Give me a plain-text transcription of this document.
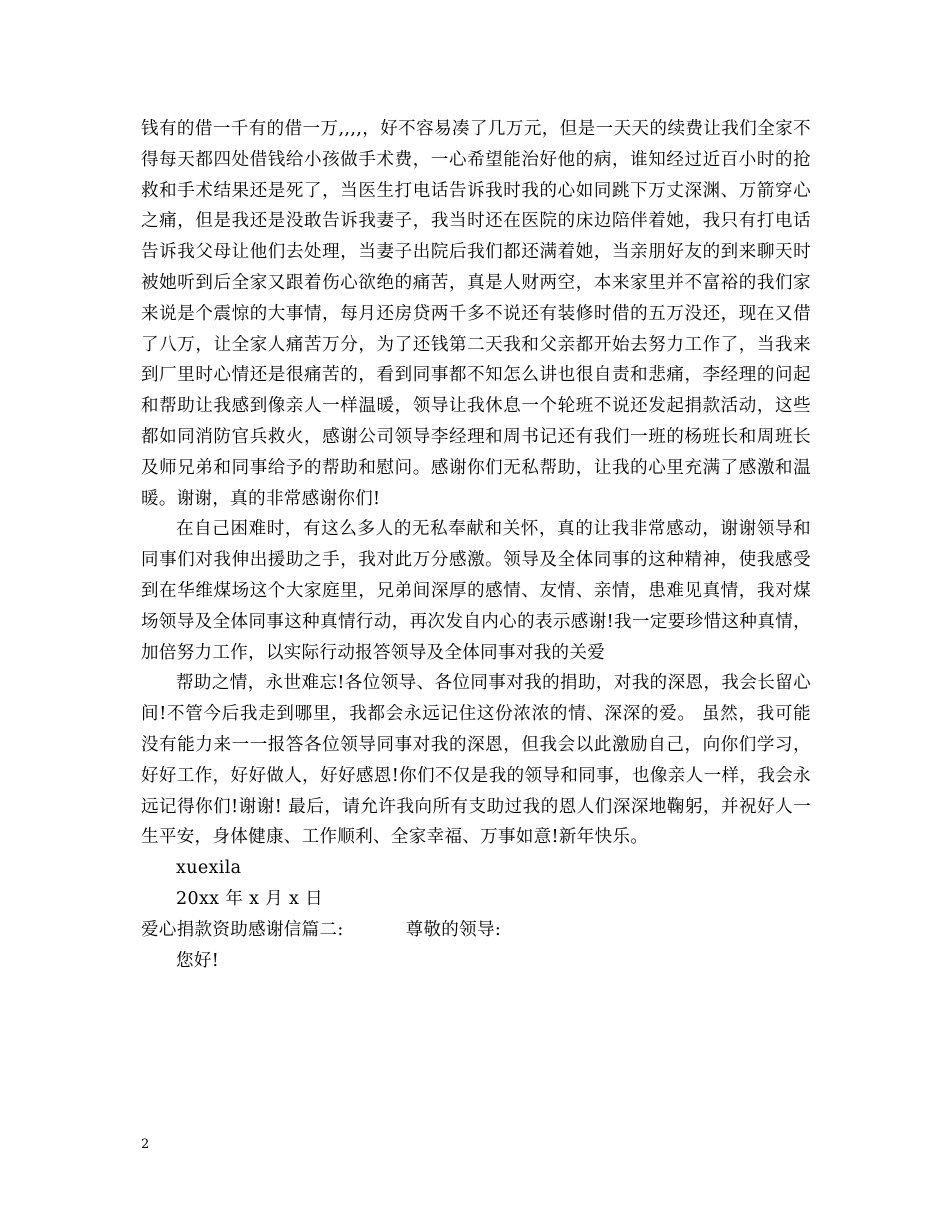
钱有的借一千有的借一万,,,,，好不容易凑了几万元，但是一天天的续费让我们全家不得每天都四处借钱给小孩做手术费，一心希望能治好他的病，谁知经过近百小时的抢救和手术结果还是死了，当医生打电话告诉我时我的心如同跳下万丈深渊、万箭穿心之痛，但是我还是没敢告诉我妻子，我当时还在医院的床边陪伴着她，我只有打电话告诉我父母让他们去处理，当妻子出院后我们都还满着她，当亲朋好友的到来聊天时被她听到后全家又跟着伤心欲绝的痛苦，真是人财两空，本来家里并不富裕的我们家来说是个震惊的大事情，每月还房贷两千多不说还有装修时借的五万没还，现在又借了八万，让全家人痛苦万分，为了还钱第二天我和父亲都开始去努力工作了，当我来到厂里时心情还是很痛苦的，看到同事都不知怎么讲也很自责和悲痛，李经理的问起和帮助让我感到像亲人一样温暖，领导让我休息一个轮班不说还发起捐款活动，这些都如同消防官兵救火，感谢公司领导李经理和周书记还有我们一班的杨班长和周班长及师兄弟和同事给予的帮助和慰问。感谢你们无私帮助，让我的心里充满了感激和温暖。谢谢，真的非常感谢你们!

在自己困难时，有这么多人的无私奉献和关怀，真的让我非常感动，谢谢领导和同事们对我伸出援助之手，我对此万分感激。领导及全体同事的这种精神，使我感受到在华维煤场这个大家庭里，兄弟间深厚的感情、友情、亲情，患难见真情，我对煤场领导及全体同事这种真情行动，再次发自内心的表示感谢!我一定要珍惜这种真情，加倍努力工作，以实际行动报答领导及全体同事对我的关爱

帮助之情，永世难忘!各位领导、各位同事对我的捐助，对我的深恩，我会长留心间!不管今后我走到哪里，我都会永远记住这份浓浓的情、深深的爱。 虽然，我可能没有能力来一一报答各位领导同事对我的深恩，但我会以此激励自己，向你们学习，好好工作，好好做人，好好感恩!你们不仅是我的领导和同事，也像亲人一样，我会永远记得你们!谢谢! 最后，请允许我向所有支助过我的恩人们深深地鞠躬，并祝好人一生平安，身体健康、工作顺利、全家幸福、万事如意!新年快乐。

xuexila

20xx 年 x 月 x 日

爱心捐款资助感谢信篇二:	尊敬的领导:

您好!

2
